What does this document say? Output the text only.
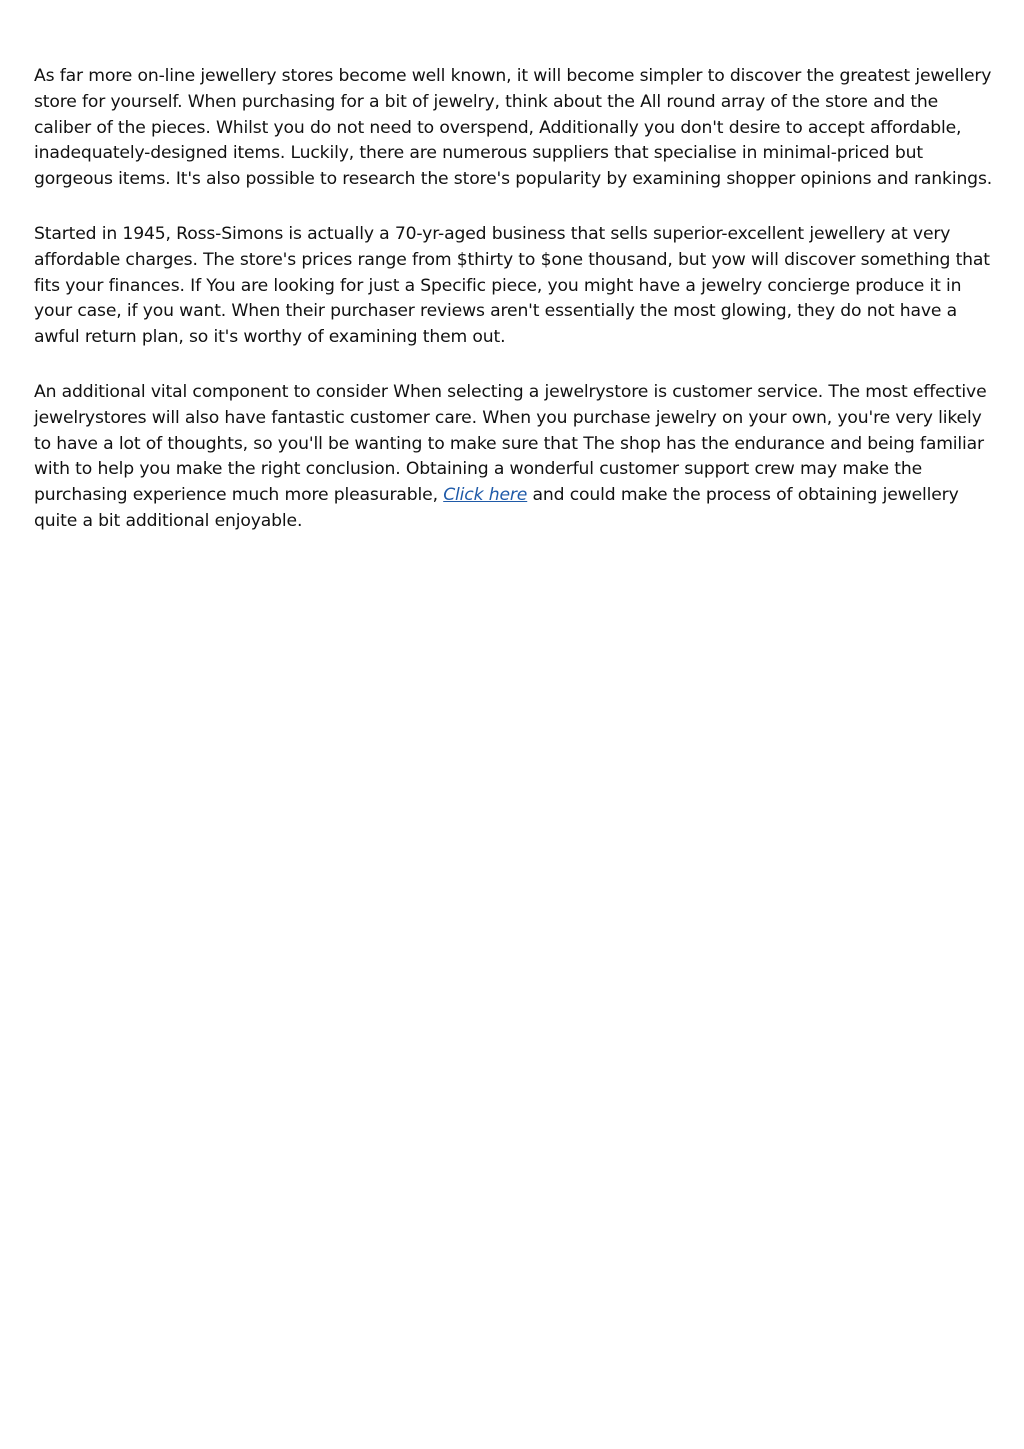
As far more on-line jewellery stores become well known, it will become simpler to discover the greatest jewellery store for yourself. When purchasing for a bit of jewelry, think about the All round array of the store and the caliber of the pieces. Whilst you do not need to overspend, Additionally you don't desire to accept affordable, inadequately-designed items. Luckily, there are numerous suppliers that specialise in minimal-priced but gorgeous items. It's also possible to research the store's popularity by examining shopper opinions and rankings.

Started in 1945, Ross-Simons is actually a 70-yr-aged business that sells superior-excellent jewellery at very affordable charges. The store's prices range from $thirty to $one thousand, but yow will discover something that fits your finances. If You are looking for just a Specific piece, you might have a jewelry concierge produce it in your case, if you want. When their purchaser reviews aren't essentially the most glowing, they do not have a awful return plan, so it's worthy of examining them out.

An additional vital component to consider When selecting a jewelrystore is customer service. The most effective jewelrystores will also have fantastic customer care. When you purchase jewelry on your own, you're very likely to have a lot of thoughts, so you'll be wanting to make sure that The shop has the endurance and being familiar with to help you make the right conclusion. Obtaining a wonderful customer support crew may make the purchasing experience much more pleasurable, Click here and could make the process of obtaining jewellery quite a bit additional enjoyable.
